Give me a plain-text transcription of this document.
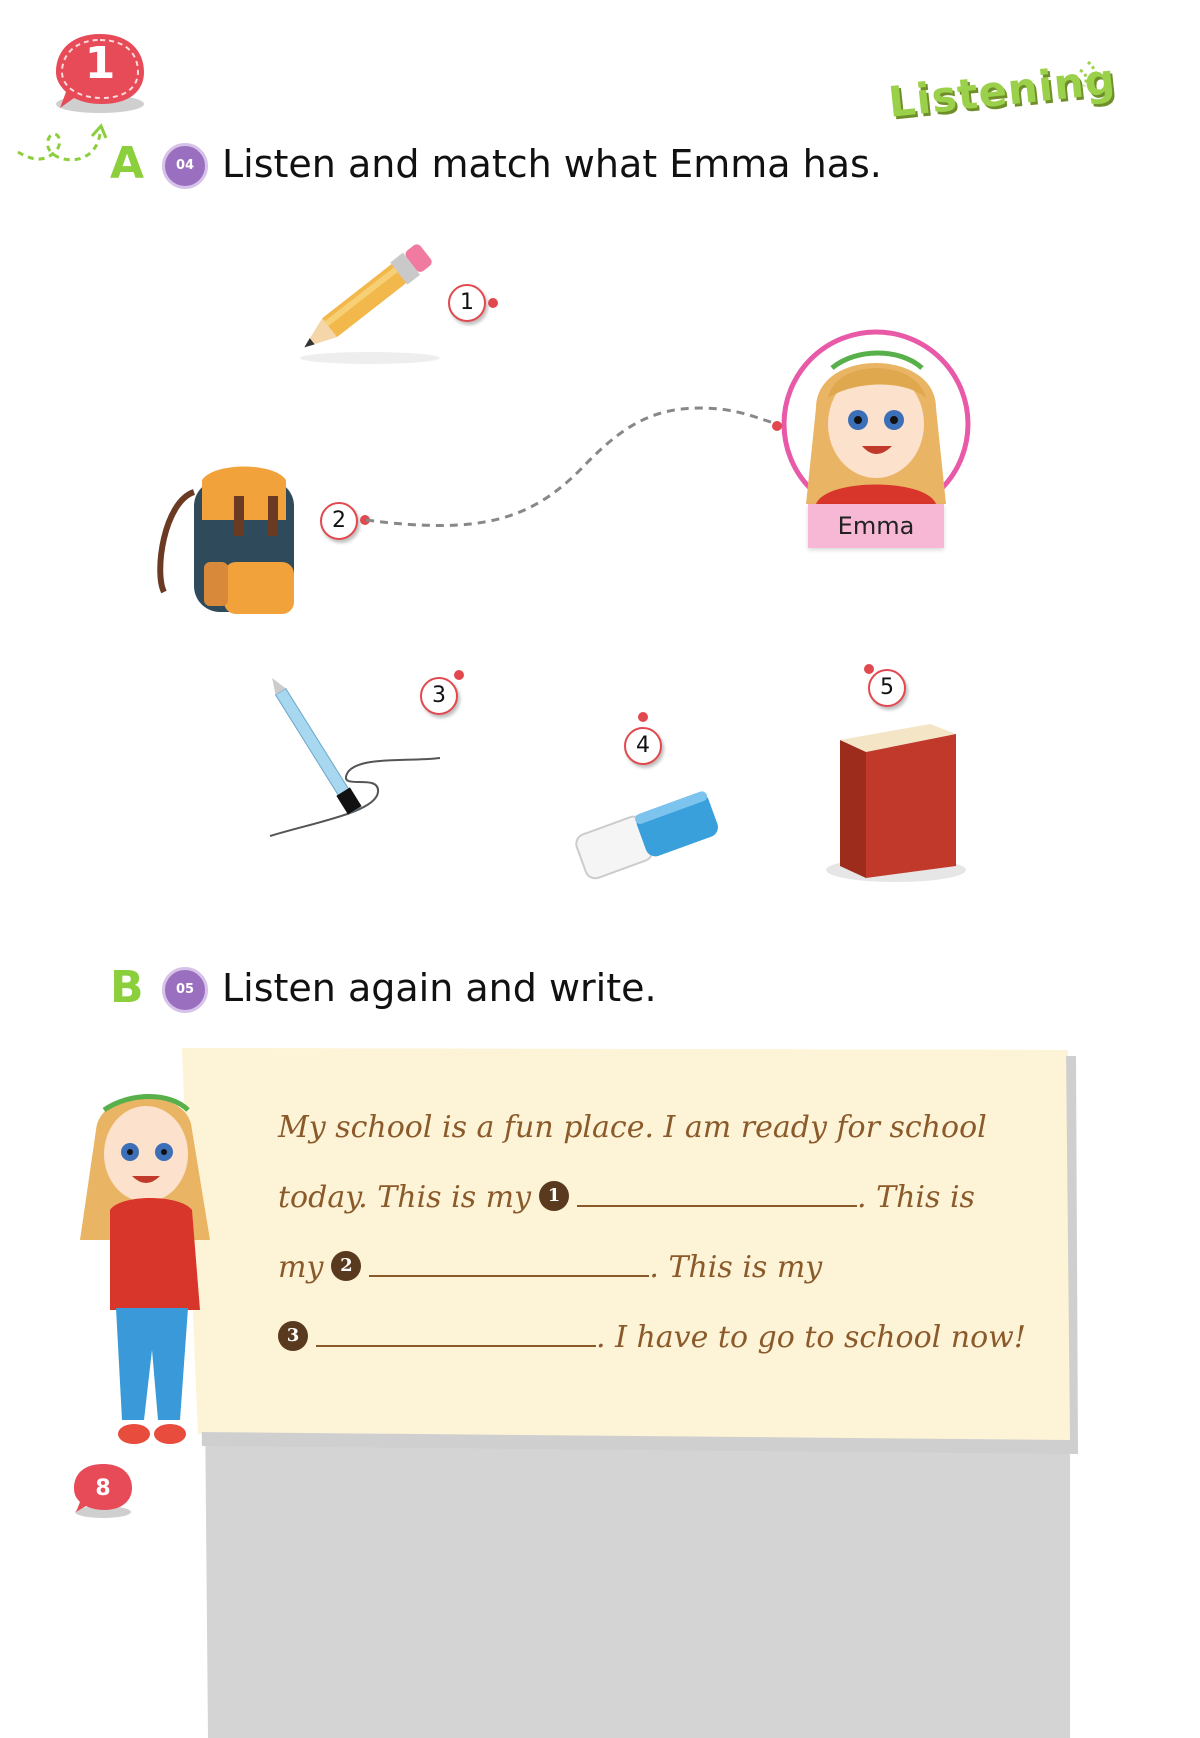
1	Listening
A	04 Listen and match what Emma has.
1
2	Emma
3
4
5
B	05 Listen again and write.
My school is a fun place. I am ready for school
today. This is my 1	. This is
my 2	. This is my
3	. I have to go to school now!
8
